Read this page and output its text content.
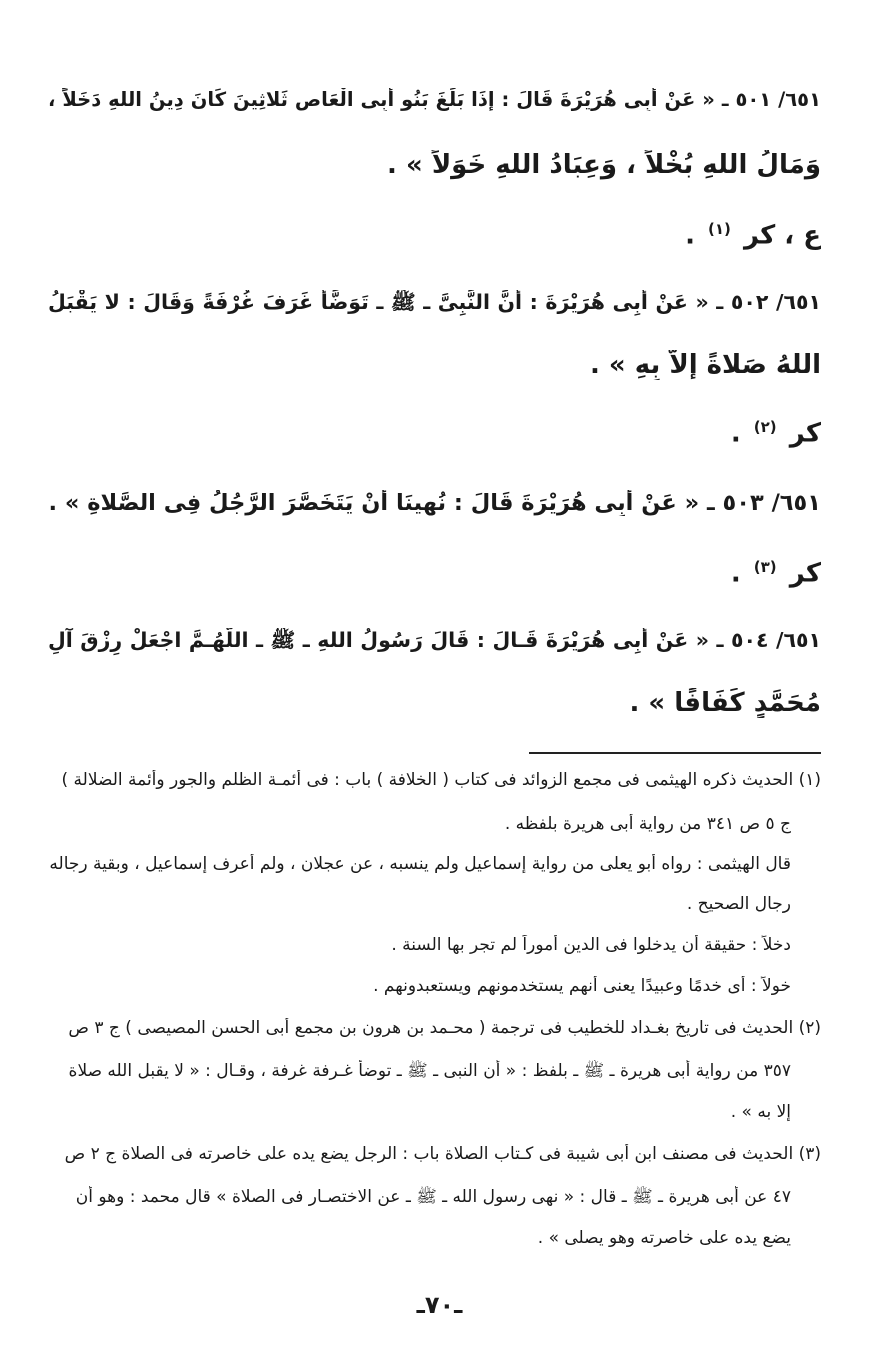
٦٥١/ ٥٠١ ـ « عَنْ أَبِى هُرَيْرَةَ قَالَ : إِذَا بَلَغَ بَنُو أَبِى الْعَاصِ ثَلاثِينَ كَانَ دِينُ اللهِ دَخَلاً ،
وَمَالُ اللهِ بُخْلاً ، وَعِبَادُ اللهِ خَوَلاً » .
ع ، كر $^{(١)}$ .
٦٥١/ ٥٠٢ ـ « عَنْ أَبِى هُرَيْرَةَ : أَنَّ النَّبِىَّ ـ ﷺ ـ تَوَضَّأَ غَرَفَ غُرْفَةً وَقَالَ : لا يَقْبَلُ
اللهُ صَلاةً إِلاَّ بِهِ » .
كر $^{(٢)}$ .
٦٥١/ ٥٠٣ ـ « عَنْ أَبِى هُرَيْرَةَ قَالَ : نُهِينَا أَنْ يَتَخَصَّرَ الرَّجُلُ فِى الصَّلاةِ » .
كر $^{(٣)}$ .
٦٥١/ ٥٠٤ ـ « عَنْ أَبِى هُرَيْرَةَ قَـالَ : قَالَ رَسُولُ اللهِ ـ ﷺ ـ اللَّهُـمَّ اجْعَلْ رِزْقَ آلِ
مُحَمَّدٍ كَفَافًا » .
(١) الحديث ذكره الهيثمى فى مجمع الزوائد فى كتاب ( الخلافة ) باب : فى أئمـة الظلم والجور وأئمة الضلالة )
ج ٥ ص ٣٤١ من رواية أبى هريرة بلفظه .
قال الهيثمى : رواه أبو يعلى من رواية إسماعيل ولم ينسبه ، عن عجلان ، ولم أعرف إسماعيل ، وبقية رجاله
رجال الصحيح .
دخلاً : حقيقة أن يدخلوا فى الدين أموراً لم تجر بها السنة .
خولاً : أى خدمًا وعبيدًا يعنى أنهم يستخدمونهم ويستعبدونهم .
(٢) الحديث فى تاريخ بغـداد للخطيب فى ترجمة ( محـمد بن هرون بن مجمع أبى الحسن المصيصى ) ج ٣ ص
٣٥٧ من رواية أبى هريرة ـ ﷺ ـ بلفظ : « أن النبى ـ ﷺ ـ توضأ غـرفة غرفة ، وقـال : « لا يقبل الله صلاة
إلا به » .
(٣) الحديث فى مصنف ابن أبى شيبة فى كـتاب الصلاة باب : الرجل يضع يده على خاصرته فى الصلاة ج ٢ ص
٤٧ عن أبى هريرة ـ ﷺ ـ قال : « نهى رسول الله ـ ﷺ ـ عن الاختصـار فى الصلاة » قال محمد : وهو أن
يضع يده على خاصرته وهو يصلى » .
ـ٧٠ـ
